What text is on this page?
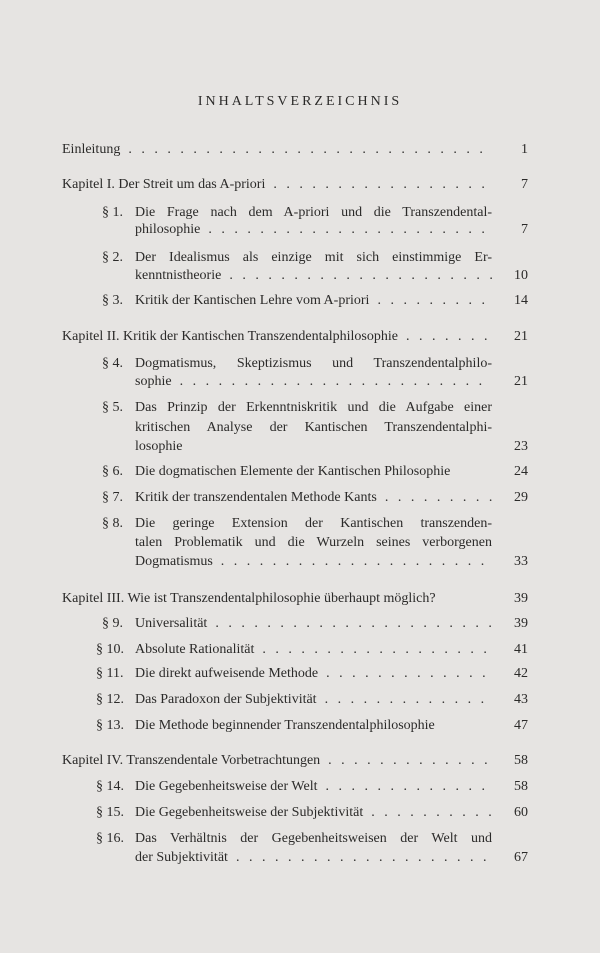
INHALTSVERZEICHNIS
Einleitung . . .	1
Kapitel I. Der Streit um das A-priori . . .	7
§ 1. Die Frage nach dem A-priori und die Transzendental-
philosophie . . .	7
§ 2. Der Idealismus als einzige mit sich einstimmige Er-
kenntnistheorie . . .	10
§ 3. Kritik der Kantischen Lehre vom A-priori . . .	14
Kapitel II. Kritik der Kantischen Transzendentalphilosophie . . .	21
§ 4. Dogmatismus, Skeptizismus und Transzendentalphilo-
sophie . . .	21
§ 5. Das Prinzip der Erkenntniskritik und die Aufgabe einer
kritischen Analyse der Kantischen Transzendentalphi-
losophie	23
§ 6. Die dogmatischen Elemente der Kantischen Philosophie	24
§ 7. Kritik der transzendentalen Methode Kants . . .	29
§ 8. Die geringe Extension der Kantischen transzenden-
talen Problematik und die Wurzeln seines verborgenen
Dogmatismus . . .	33
Kapitel III. Wie ist Transzendentalphilosophie überhaupt möglich?	39
§ 9. Universalität . . .	39
§ 10. Absolute Rationalität . . .	41
§ 11. Die direkt aufweisende Methode . . .	42
§ 12. Das Paradoxon der Subjektivität . . .	43
§ 13. Die Methode beginnender Transzendentalphilosophie	47
Kapitel IV. Transzendentale Vorbetrachtungen . . .	58
§ 14. Die Gegebenheitsweise der Welt . . .	58
§ 15. Die Gegebenheitsweise der Subjektivität . . .	60
§ 16. Das Verhältnis der Gegebenheitsweisen der Welt und
der Subjektivität . . .	67
